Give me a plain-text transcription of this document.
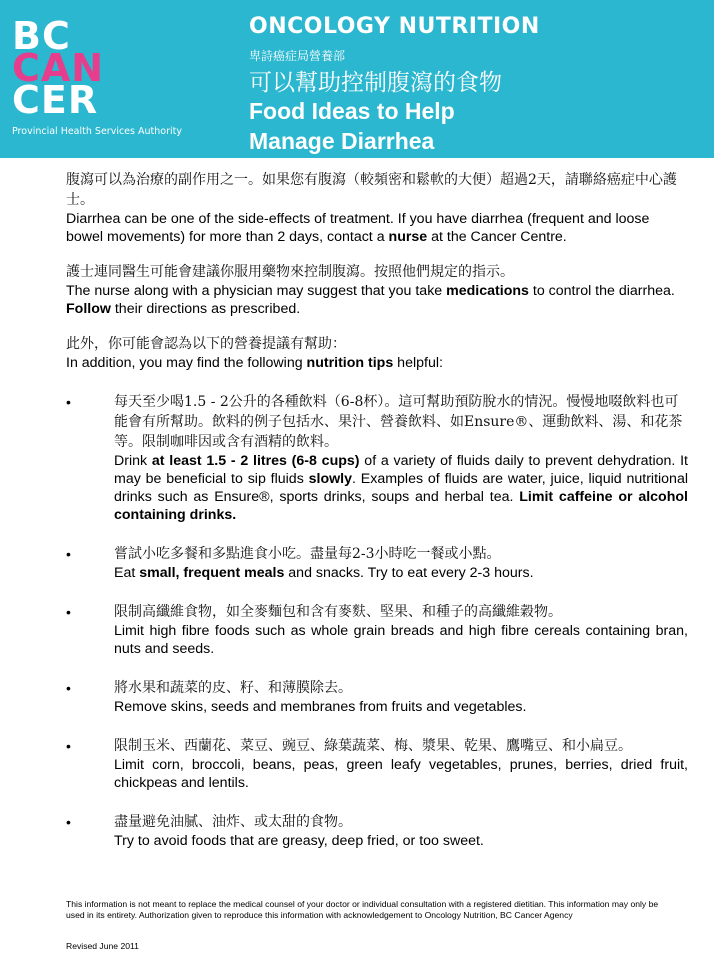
BC
CAN
CER
Provincial Health Services Authority
ONCOLOGY NUTRITION
卑詩癌症局營養部
可以幫助控制腹瀉的食物
Food Ideas to Help
Manage Diarrhea
腹瀉可以為治療的副作用之一。如果您有腹瀉（較頻密和鬆軟的大便）超過2天，請聯絡癌症中心護士。

Diarrhea can be one of the side-effects of treatment. If you have diarrhea (frequent and loose bowel movements) for more than 2 days, contact a nurse at the Cancer Centre.

護士連同醫生可能會建議你服用藥物來控制腹瀉。按照他們規定的指示。

The nurse along with a physician may suggest that you take medications to control the diarrhea. Follow their directions as prescribed.

此外，你可能會認為以下的營養提議有幫助：

In addition, you may find the following nutrition tips helpful:

•	每天至少喝1.5 - 2公升的各種飲料（6-8杯）。這可幫助預防脫水的情況。慢慢地啜飲料也可能會有所幫助。飲料的例子包括水、果汁、營養飲料、如Ensure®、運動飲料、湯、和花茶等。限制咖啡因或含有酒精的飲料。

Drink at least 1.5 - 2 litres (6-8 cups) of a variety of fluids daily to prevent dehydration. It may be beneficial to sip fluids slowly. Examples of fluids are water, juice, liquid nutritional drinks such as Ensure®, sports drinks, soups and herbal tea. Limit caffeine or alcohol containing drinks.

•	嘗試小吃多餐和多點進食小吃。盡量每2-3小時吃一餐或小點。

Eat small, frequent meals and snacks. Try to eat every 2-3 hours.

•	限制高纖維食物，如全麥麵包和含有麥麩、堅果、和種子的高纖維穀物。

Limit high fibre foods such as whole grain breads and high fibre cereals containing bran, nuts and seeds.

•	將水果和蔬菜的皮、籽、和薄膜除去。

Remove skins, seeds and membranes from fruits and vegetables.

•	限制玉米、西蘭花、菜豆、豌豆、綠葉蔬菜、梅、漿果、乾果、鷹嘴豆、和小扁豆。

Limit corn, broccoli, beans, peas, green leafy vegetables, prunes, berries, dried fruit, chickpeas and lentils.

•	盡量避免油膩、油炸、或太甜的食物。

Try to avoid foods that are greasy, deep fried, or too sweet.

This information is not meant to replace the medical counsel of your doctor or individual consultation with a registered dietitian. This information may only be used in its entirety. Authorization given to reproduce this information with acknowledgement to Oncology Nutrition, BC Cancer Agency
Revised June 2011
